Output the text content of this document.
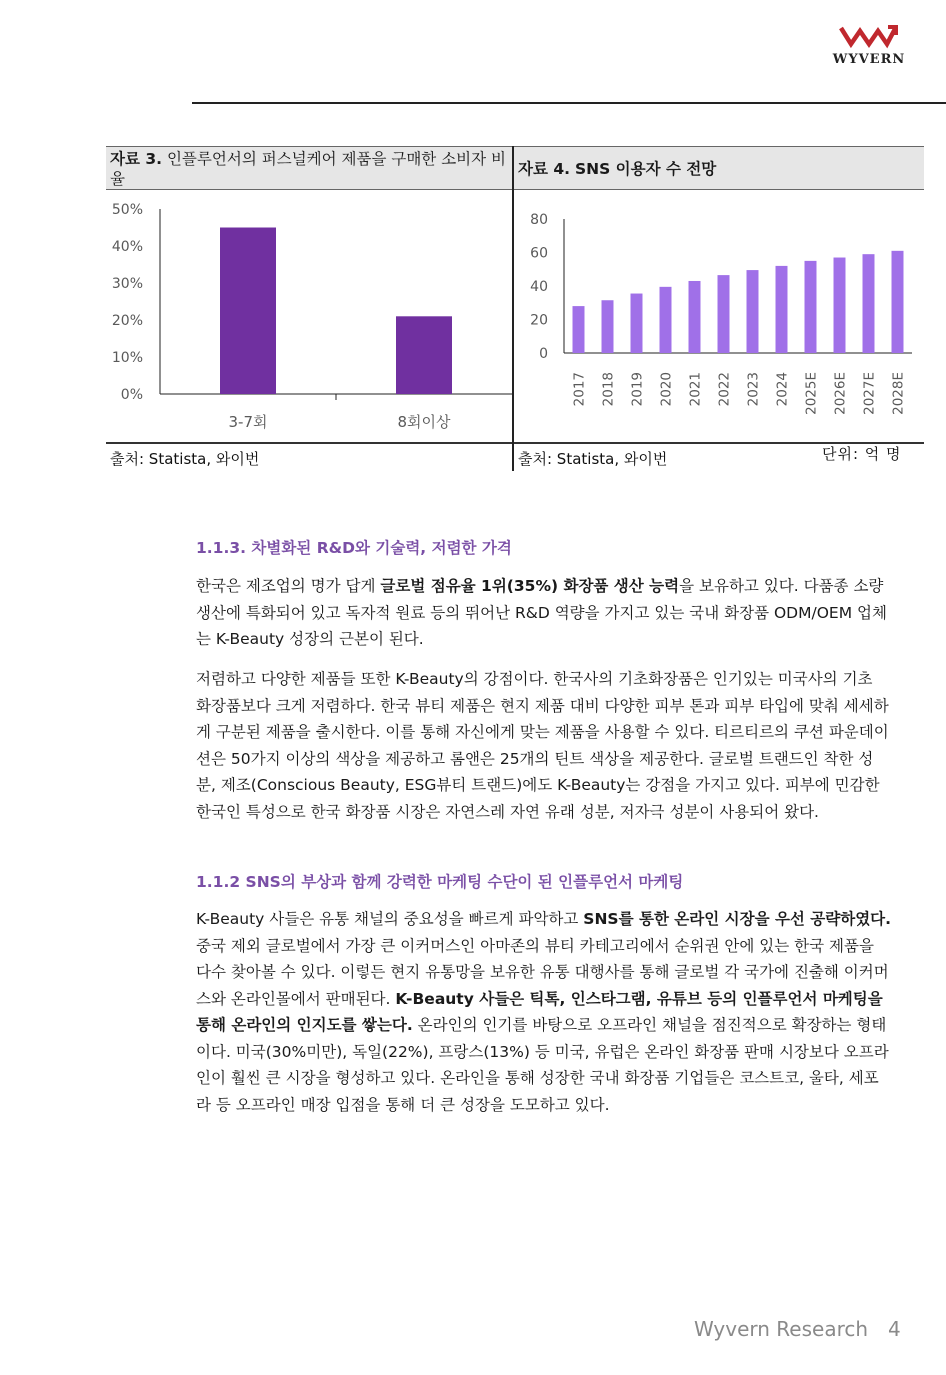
WYVERN
자료 3. 인플루언서의 퍼스널케어 제품을 구매한 소비자 비율
자료 4. SNS 이용자 수 전망
0%
10%
20%
30%
40%
50%
3-7회	8회이상
0
20
40
60
80
2017 2018 2019 2020 2021 2022 2023 2024 2025E 2026E 2027E 2028E
출처: Statista, 와이번	출처: Statista, 와이번	단위: 억 명
1.1.3. 차별화된 R&D와 기술력, 저렴한 가격
한국은 제조업의 명가 답게 글로벌 점유율 1위(35%) 화장품 생산 능력을 보유하고 있다. 다품종 소량생산에 특화되어 있고 독자적 원료 등의 뛰어난 R&D 역량을 가지고 있는 국내 화장품 ODM/OEM 업체는 K-Beauty 성장의 근본이 된다.
저렴하고 다양한 제품들 또한 K-Beauty의 강점이다. 한국사의 기초화장품은 인기있는 미국사의 기초 화장품보다 크게 저렴하다. 한국 뷰티 제품은 현지 제품 대비 다양한 피부 톤과 피부 타입에 맞춰 세세하게 구분된 제품을 출시한다. 이를 통해 자신에게 맞는 제품을 사용할 수 있다. 티르티르의 쿠션 파운데이션은 50가지 이상의 색상을 제공하고 롬앤은 25개의 틴트 색상을 제공한다. 글로벌 트랜드인 착한 성분, 제조(Conscious Beauty, ESG뷰티 트랜드)에도 K-Beauty는 강점을 가지고 있다. 피부에 민감한 한국인 특성으로 한국 화장품 시장은 자연스레 자연 유래 성분, 저자극 성분이 사용되어 왔다.
1.1.2 SNS의 부상과 함께 강력한 마케팅 수단이 된 인플루언서 마케팅
K-Beauty 사들은 유통 채널의 중요성을 빠르게 파악하고 SNS를 통한 온라인 시장을 우선 공략하였다. 중국 제외 글로벌에서 가장 큰 이커머스인 아마존의 뷰티 카테고리에서 순위권 안에 있는 한국 제품을 다수 찾아볼 수 있다. 이렇든 현지 유통망을 보유한 유통 대행사를 통해 글로벌 각 국가에 진출해 이커머스와 온라인몰에서 판매된다. K-Beauty 사들은 틱톡, 인스타그램, 유튜브 등의 인플루언서 마케팅을 통해 온라인의 인지도를 쌓는다. 온라인의 인기를 바탕으로 오프라인 채널을 점진적으로 확장하는 형태이다. 미국(30%미만), 독일(22%), 프랑스(13%) 등 미국, 유럽은 온라인 화장품 판매 시장보다 오프라인이 훨씬 큰 시장을 형성하고 있다. 온라인을 통해 성장한 국내 화장품 기업들은 코스트코, 울타, 세포라 등 오프라인 매장 입점을 통해 더 큰 성장을 도모하고 있다.
Wyvern Research 4
